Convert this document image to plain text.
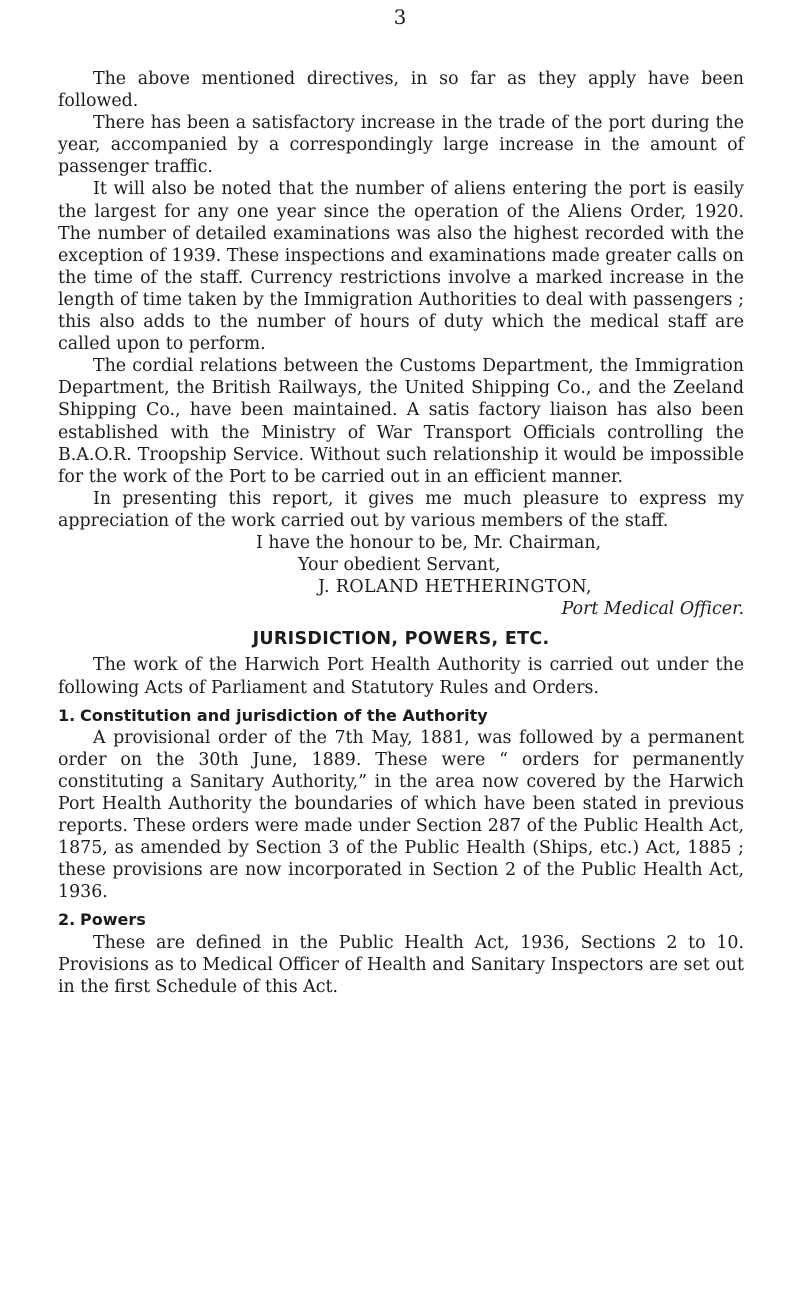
3

The above mentioned directives, in so far as they apply have been followed.

There has been a satisfactory increase in the trade of the port during the year, accompanied by a correspondingly large increase in the amount of passenger traffic.

It will also be noted that the number of aliens entering the port is easily the largest for any one year since the operation of the Aliens Order, 1920. The number of detailed examinations was also the highest recorded with the exception of 1939. These inspections and examinations made greater calls on the time of the staff. Currency restrictions involve a marked increase in the length of time taken by the Immigration Authorities to deal with passengers ; this also adds to the number of hours of duty which the medical staff are called upon to perform.

The cordial relations between the Customs Department, the Immigration Department, the British Railways, the United Shipping Co., and the Zeeland Shipping Co., have been maintained. A satis factory liaison has also been established with the Ministry of War Transport Officials controlling the B.A.O.R. Troopship Service. Without such relationship it would be impossible for the work of the Port to be carried out in an efficient manner.

In presenting this report, it gives me much pleasure to express my appreciation of the work carried out by various members of the staff.

I have the honour to be, Mr. Chairman,

Your obedient Servant,

J. ROLAND HETHERINGTON,

Port Medical Officer.

JURISDICTION, POWERS, ETC.

The work of the Harwich Port Health Authority is carried out under the following Acts of Parliament and Statutory Rules and Orders.

1. Constitution and jurisdiction of the Authority

A provisional order of the 7th May, 1881, was followed by a permanent order on the 30th June, 1889. These were “ orders for permanently constituting a Sanitary Authority,” in the area now covered by the Harwich Port Health Authority the boundaries of which have been stated in previous reports. These orders were made under Section 287 of the Public Health Act, 1875, as amended by Section 3 of the Public Health (Ships, etc.) Act, 1885 ; these provisions are now incorporated in Section 2 of the Public Health Act, 1936.

2. Powers

These are defined in the Public Health Act, 1936, Sections 2 to 10. Provisions as to Medical Officer of Health and Sanitary Inspectors are set out in the first Schedule of this Act.
